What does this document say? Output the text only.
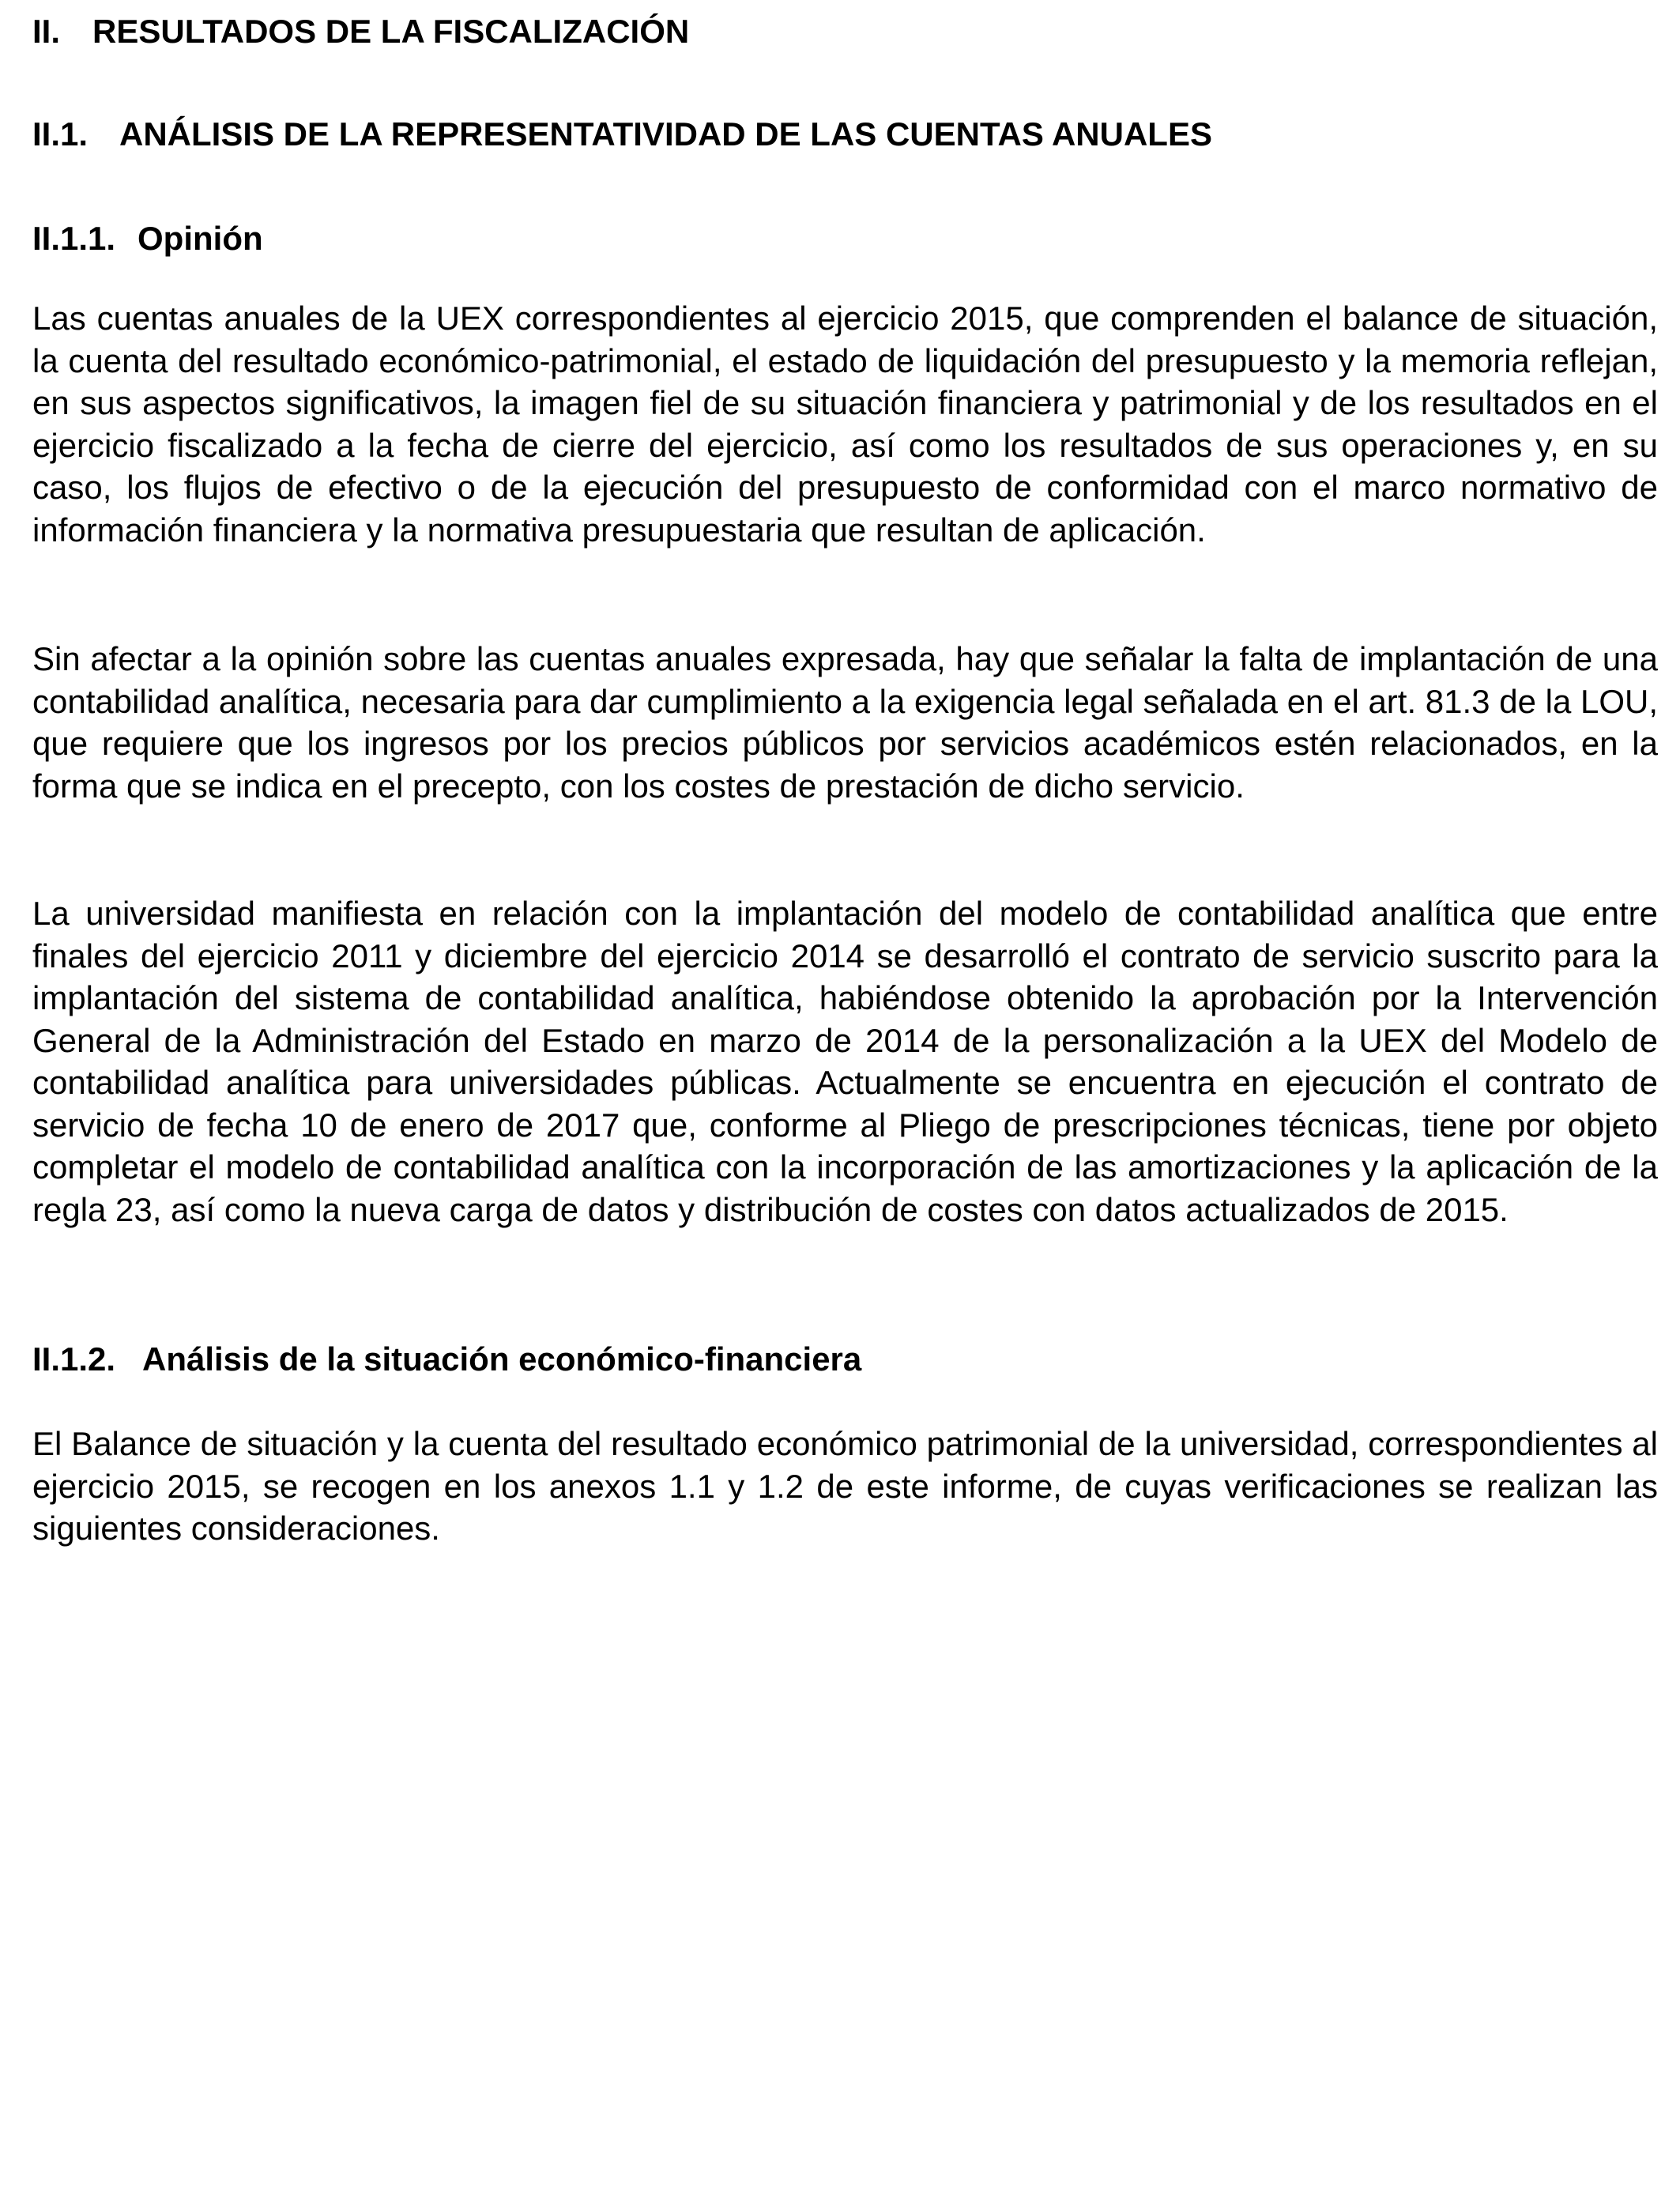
II. RESULTADOS DE LA FISCALIZACIÓN
II.1. ANÁLISIS DE LA REPRESENTATIVIDAD DE LAS CUENTAS ANUALES
II.1.1. Opinión

Las cuentas anuales de la UEX correspondientes al ejercicio 2015, que comprenden el balance de situación, la cuenta del resultado económico-patrimonial, el estado de liquidación del presupuesto y la memoria reflejan, en sus aspectos significativos, la imagen fiel de su situación financiera y patrimonial y de los resultados en el ejercicio fiscalizado a la fecha de cierre del ejercicio, así como los resultados de sus operaciones y, en su caso, los flujos de efectivo o de la ejecución del presupuesto de conformidad con el marco normativo de información financiera y la normativa presupuestaria que resultan de aplicación.

Sin afectar a la opinión sobre las cuentas anuales expresada, hay que señalar la falta de implantación de una contabilidad analítica, necesaria para dar cumplimiento a la exigencia legal señalada en el art. 81.3 de la LOU, que requiere que los ingresos por los precios públicos por servicios académicos estén relacionados, en la forma que se indica en el precepto, con los costes de prestación de dicho servicio.

La universidad manifiesta en relación con la implantación del modelo de contabilidad analítica que entre finales del ejercicio 2011 y diciembre del ejercicio 2014 se desarrolló el contrato de servicio suscrito para la implantación del sistema de contabilidad analítica, habiéndose obtenido la aprobación por la Intervención General de la Administración del Estado en marzo de 2014 de la personalización a la UEX del Modelo de contabilidad analítica para universidades públicas. Actualmente se encuentra en ejecución el contrato de servicio de fecha 10 de enero de 2017 que, conforme al Pliego de prescripciones técnicas, tiene por objeto completar el modelo de contabilidad analítica con la incorporación de las amortizaciones y la aplicación de la regla 23, así como la nueva carga de datos y distribución de costes con datos actualizados de 2015.

II.1.2. Análisis de la situación económico-financiera

El Balance de situación y la cuenta del resultado económico patrimonial de la universidad, correspondientes al ejercicio 2015, se recogen en los anexos 1.1 y 1.2 de este informe, de cuyas verificaciones se realizan las siguientes consideraciones.
